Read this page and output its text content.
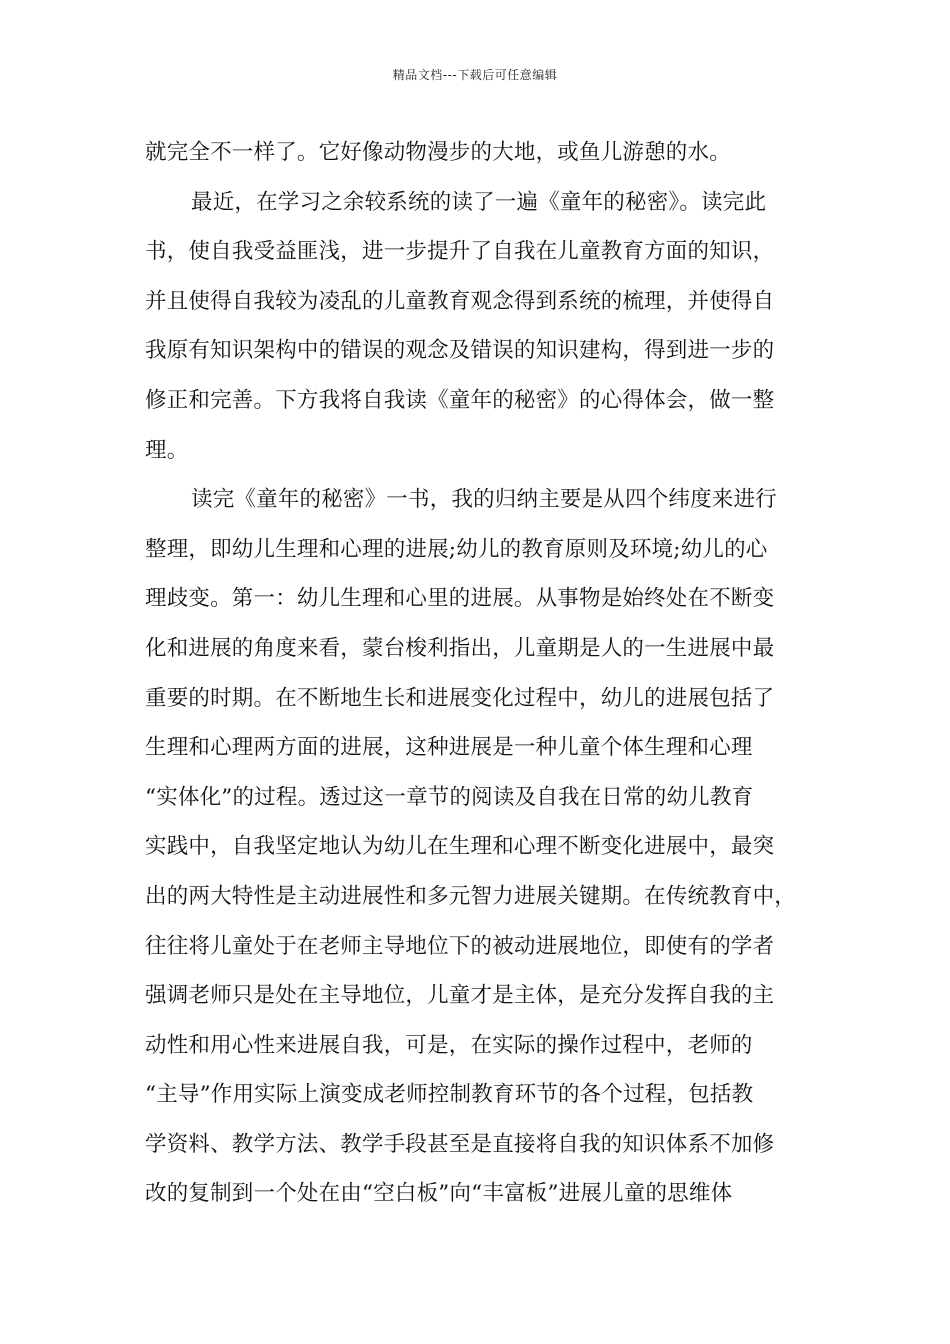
精品文档---下载后可任意编辑
就完全不一样了。它好像动物漫步的大地，或鱼儿游憩的水。
最近，在学习之余较系统的读了一遍《童年的秘密》。读完此
书，使自我受益匪浅，进一步提升了自我在儿童教育方面的知识，
并且使得自我较为凌乱的儿童教育观念得到系统的梳理，并使得自
我原有知识架构中的错误的观念及错误的知识建构，得到进一步的
修正和完善。下方我将自我读《童年的秘密》的心得体会，做一整
理。
读完《童年的秘密》一书，我的归纳主要是从四个纬度来进行
整理，即幼儿生理和心理的进展;幼儿的教育原则及环境;幼儿的心
理歧变。第一：幼儿生理和心里的进展。从事物是始终处在不断变
化和进展的角度来看，蒙台梭利指出，儿童期是人的一生进展中最
重要的时期。在不断地生长和进展变化过程中，幼儿的进展包括了
生理和心理两方面的进展，这种进展是一种儿童个体生理和心理
“实体化”的过程。透过这一章节的阅读及自我在日常的幼儿教育
实践中，自我坚定地认为幼儿在生理和心理不断变化进展中，最突
出的两大特性是主动进展性和多元智力进展关键期。在传统教育中，
往往将儿童处于在老师主导地位下的被动进展地位，即使有的学者
强调老师只是处在主导地位，儿童才是主体，是充分发挥自我的主
动性和用心性来进展自我，可是，在实际的操作过程中，老师的
“主导”作用实际上演变成老师控制教育环节的各个过程，包括教
学资料、教学方法、教学手段甚至是直接将自我的知识体系不加修
改的复制到一个处在由“空白板”向“丰富板”进展儿童的思维体
